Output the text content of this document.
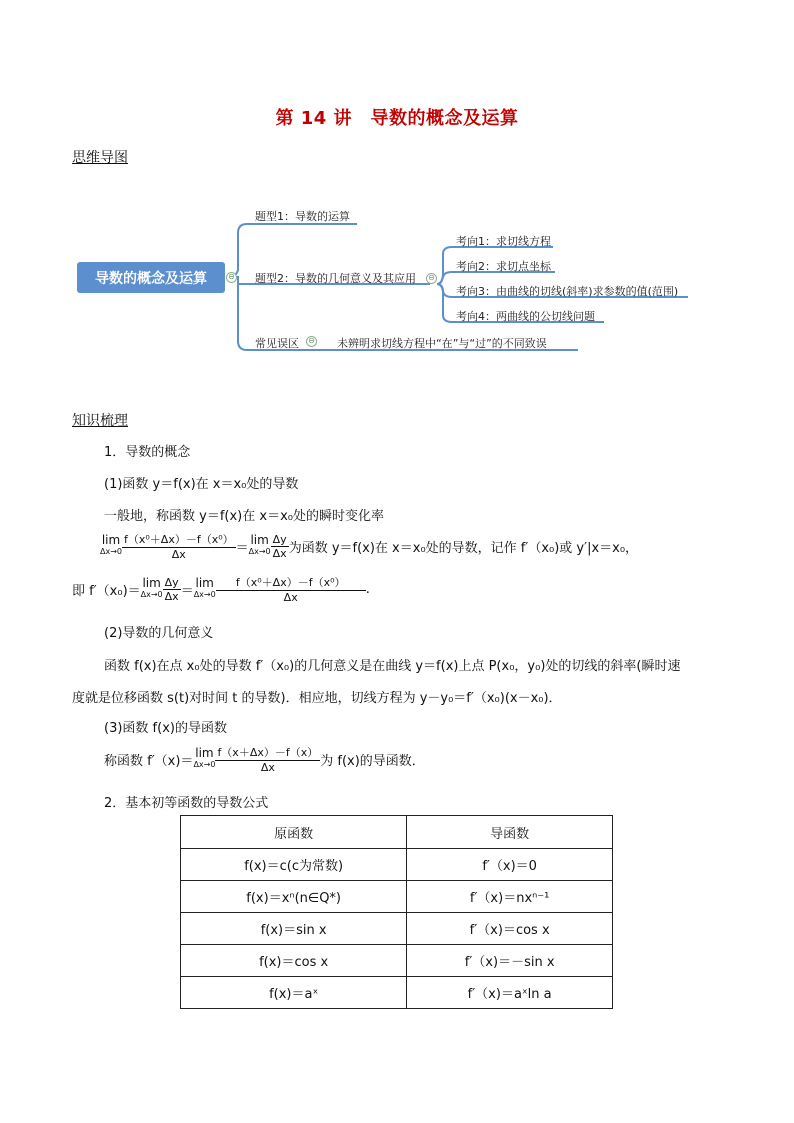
第 14 讲　导数的概念及运算
思维导图
导数的概念及运算	⊖
题型1：导数的运算
题型2：导数的几何意义及其应用 ⊖
常见误区 ⊖ 未辨明求切线方程中“在”与“过”的不同致误
考向1：求切线方程
考向2：求切点坐标
考向3：由曲线的切线(斜率)求参数的值(范围)
考向4：两曲线的公切线问题
知识梳理
1．导数的概念
(1)函数 y＝f(x)在 x＝x₀处的导数
一般地，称函数 y＝f(x)在 x＝x₀处的瞬时变化率
lim
$\Delta x\to 0 \frac{\text{f（x⁰＋Δx）－f（x⁰）}}{\Delta x}$ ＝
lim
$\Delta x\to 0 \frac{\Delta y}{\Delta x}$ 为函数 y＝f(x)在 x＝x₀处的导数，记作 f′（x₀)或 y′|x＝x₀，
即 f′（x₀)＝
lim
$\Delta x\to 0 \frac{\Delta y}{\Delta x}$ ＝
lim
$\Delta x\to 0 \frac{\text{f（x⁰＋Δx）－f（x⁰）}}{\Delta x}$ .
(2)导数的几何意义
函数 f(x)在点 x₀处的导数 f′（x₀)的几何意义是在曲线 y＝f(x)上点 P(x₀，y₀)处的切线的斜率(瞬时速
度就是位移函数 s(t)对时间 t 的导数)．相应地，切线方程为 y－y₀＝f′（x₀)(x－x₀)．
(3)函数 f(x)的导函数
称函数 f′（x)＝
lim
$\Delta x\to 0 \frac{f(x+\Delta x)-f(x)}{\Delta x}$ 为 f(x)的导函数．
2．基本初等函数的导数公式
原函数	导函数
f(x)＝c(c为常数)	f′（x)＝0
f(x)＝xⁿ(n∈Q*)	f′（x)＝nxⁿ⁻¹
f(x)＝sin x	f′（x)＝cos x
f(x)＝cos x	f′（x)＝－sin x
f(x)＝aˣ	f′（x)＝aˣln a
